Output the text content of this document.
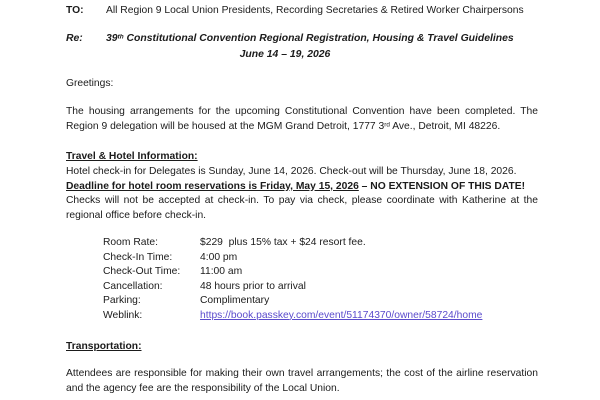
TO:	All Region 9 Local Union Presidents, Recording Secretaries & Retired Worker Chairpersons
Re:	39th Constitutional Convention Regional Registration, Housing & Travel Guidelines
June 14 – 19, 2026
Greetings:
The housing arrangements for the upcoming Constitutional Convention have been completed. The Region 9 delegation will be housed at the MGM Grand Detroit, 1777 3rd Ave., Detroit, MI 48226.
Travel & Hotel Information:
Hotel check-in for Delegates is Sunday, June 14, 2026. Check-out will be Thursday, June 18, 2026.
Deadline for hotel room reservations is Friday, May 15, 2026 – NO EXTENSION OF THIS DATE!
Checks will not be accepted at check-in. To pay via check, please coordinate with Katherine at the regional office before check-in.
Room Rate:	$229  plus 15% tax + $24 resort fee.
Check-In Time:	4:00 pm
Check-Out Time:	11:00 am
Cancellation:	48 hours prior to arrival
Parking:	Complimentary
Weblink:	https://book.passkey.com/event/51174370/owner/58724/home
Transportation:
Attendees are responsible for making their own travel arrangements; the cost of the airline reservation and the agency fee are the responsibility of the Local Union.
